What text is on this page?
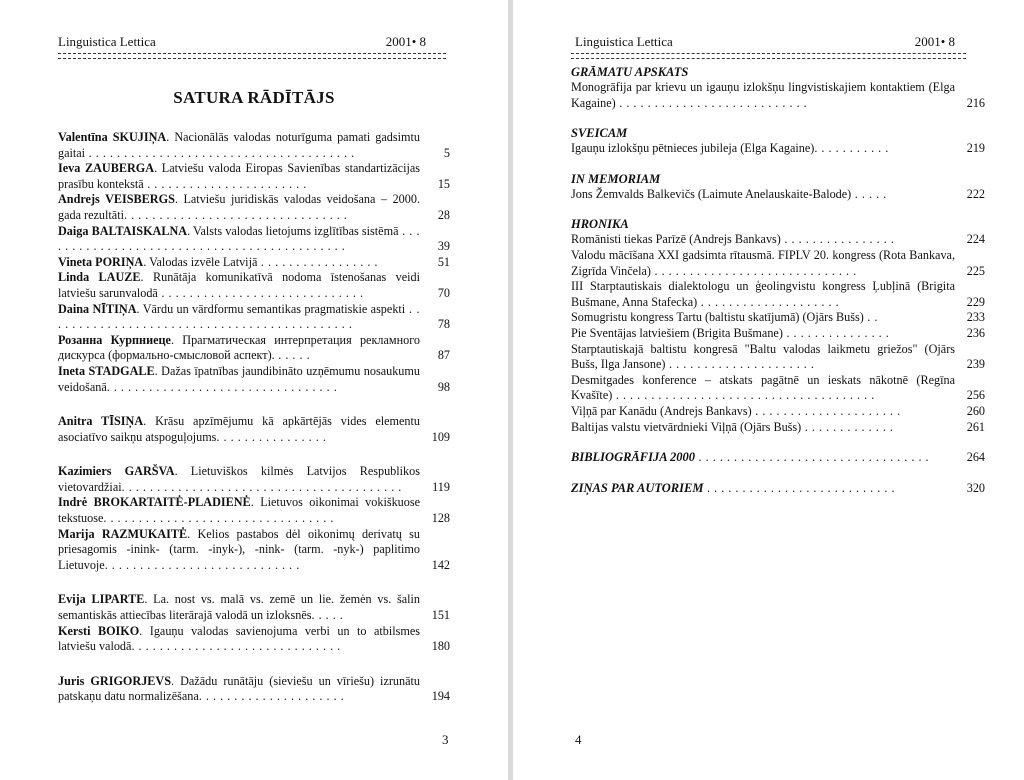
Linguistica Lettica	2001• 8
SATURA RĀDĪTĀJS
Valentīna SKUJIŅA. Nacionālās valodas noturīguma pamati gadsimtu gaitai . . . . . . . . . . . . . . . . . . . . . . . . . . . . . . . . . . . . . .	5
Ieva ZAUBERGA. Latviešu valoda Eiropas Savienības standartizācijas prasību kontekstā . . . . . . . . . . . . . . . . . . . . . . .	15
Andrejs VEISBERGS. Latviešu juridiskās valodas veidošana – 2000. gada rezultāti. . . . . . . . . . . . . . . . . . . . . . . . . . . . . . . .	28
Daiga BALTAISKALNA. Valsts valodas lietojums izglītības sistēmā . . . . . . . . . . . . . . . . . . . . . . . . . . . . . . . . . . . . . . . . . . . .	39
Vineta PORIŅA. Valodas izvēle Latvijā . . . . . . . . . . . . . . . . .	51
Linda LAUZE. Runātāja komunikatīvā nodoma īstenošanas veidi latviešu sarunvalodā . . . . . . . . . . . . . . . . . . . . . . . . . . . . .	70
Daina NĪTIŅA. Vārdu un vārdformu semantikas pragmatiskie aspekti . . . . . . . . . . . . . . . . . . . . . . . . . . . . . . . . . . . . . . . . . . . .	78
Розанна Курпниеце. Прагматическая интерпретация рекламного дискурса (формально-смысловой аспект). . . . . .	87
Ineta STADGALE. Dažas īpatnības jaundibināto uzņēmumu nosaukumu veidošanā. . . . . . . . . . . . . . . . . . . . . . . . . . . . . . . . .	98
Anitra TĪSIŅA. Krāsu apzīmējumu kā apkārtējās vides elementu asociatīvo saikņu atspoguļojums. . . . . . . . . . . . . . . .	109
Kazimiers GARŠVA. Lietuviškos kilmės Latvijos Respublikos vietovardžiai. . . . . . . . . . . . . . . . . . . . . . . . . . . . . . . . . . . . . . . .	119
Indrė BROKARTAITĖ-PLADIENĖ. Lietuvos oikonimai vokiškuose tekstuose. . . . . . . . . . . . . . . . . . . . . . . . . . . . . . . . .	128
Marija RAZMUKAITĖ. Kelios pastabos dėl oikonimų derivatų su priesagomis -inink- (tarm. -inyk-), -nink- (tarm. -nyk-) paplitimo Lietuvoje. . . . . . . . . . . . . . . . . . . . . . . . . . . .	142
Evija LIPARTE. La. nost vs. malā vs. zemē un lie. žemėn vs. šalin semantiskās attiecības literārajā valodā un izloksnēs. . . . .	151
Kersti BOIKO. Igauņu valodas savienojuma verbi un to atbilsmes latviešu valodā. . . . . . . . . . . . . . . . . . . . . . . . . . . . . .	180
Juris GRIGORJEVS. Dažādu runātāju (sieviešu un vīriešu) izrunātu patskaņu datu normalizēšana. . . . . . . . . . . . . . . . . . . . .	194
3
Linguistica Lettica	2001• 8
GRĀMATU APSKATS
Monogrāfija par krievu un igauņu izlokšņu lingvistiskajiem kontaktiem (Elga Kagaine) . . . . . . . . . . . . . . . . . . . . . . . . . . .	216
SVEICAM
Igauņu izlokšņu pētnieces jubileja (Elga Kagaine). . . . . . . . . . .	219
IN MEMORIAM
Jons Žemvalds Balkevičs (Laimute Anelauskaite-Balode) . . . . .	222
HRONIKA
Romānisti tiekas Parīzē (Andrejs Bankavs) . . . . . . . . . . . . . . . .	224
Valodu mācīšana XXI gadsimta rītausmā. FIPLV 20. kongress (Rota Bankava, Zigrīda Vinčela) . . . . . . . . . . . . . . . . . . . . . . . . . . . . .	225
III Starptautiskais dialektologu un ģeolingvistu kongress Ļubļinā (Brigita Bušmane, Anna Stafecka) . . . . . . . . . . . . . . . . . . . .	229
Somugristu kongress Tartu (baltistu skatījumā) (Ojārs Bušs) . .	233
Pie Sventājas latviešiem (Brigita Bušmane) . . . . . . . . . . . . . . .	236
Starptautiskajā baltistu kongresā "Baltu valodas laikmetu griežos" (Ojārs Bušs, Ilga Jansone) . . . . . . . . . . . . . . . . . . . . .	239
Desmitgades konference – atskats pagātnē un ieskats nākotnē (Regīna Kvašīte) . . . . . . . . . . . . . . . . . . . . . . . . . . . . . . . . . . . . .	256
Viļņā par Kanādu (Andrejs Bankavs) . . . . . . . . . . . . . . . . . . . . .	260
Baltijas valstu vietvārdnieki Viļņā (Ojārs Bušs) . . . . . . . . . . . . .	261
BIBLIOGRĀFIJA 2000 . . . . . . . . . . . . . . . . . . . . . . . . . . . . . . . . .	264
ZIŅAS PAR AUTORIEM . . . . . . . . . . . . . . . . . . . . . . . . . . .	320
4
